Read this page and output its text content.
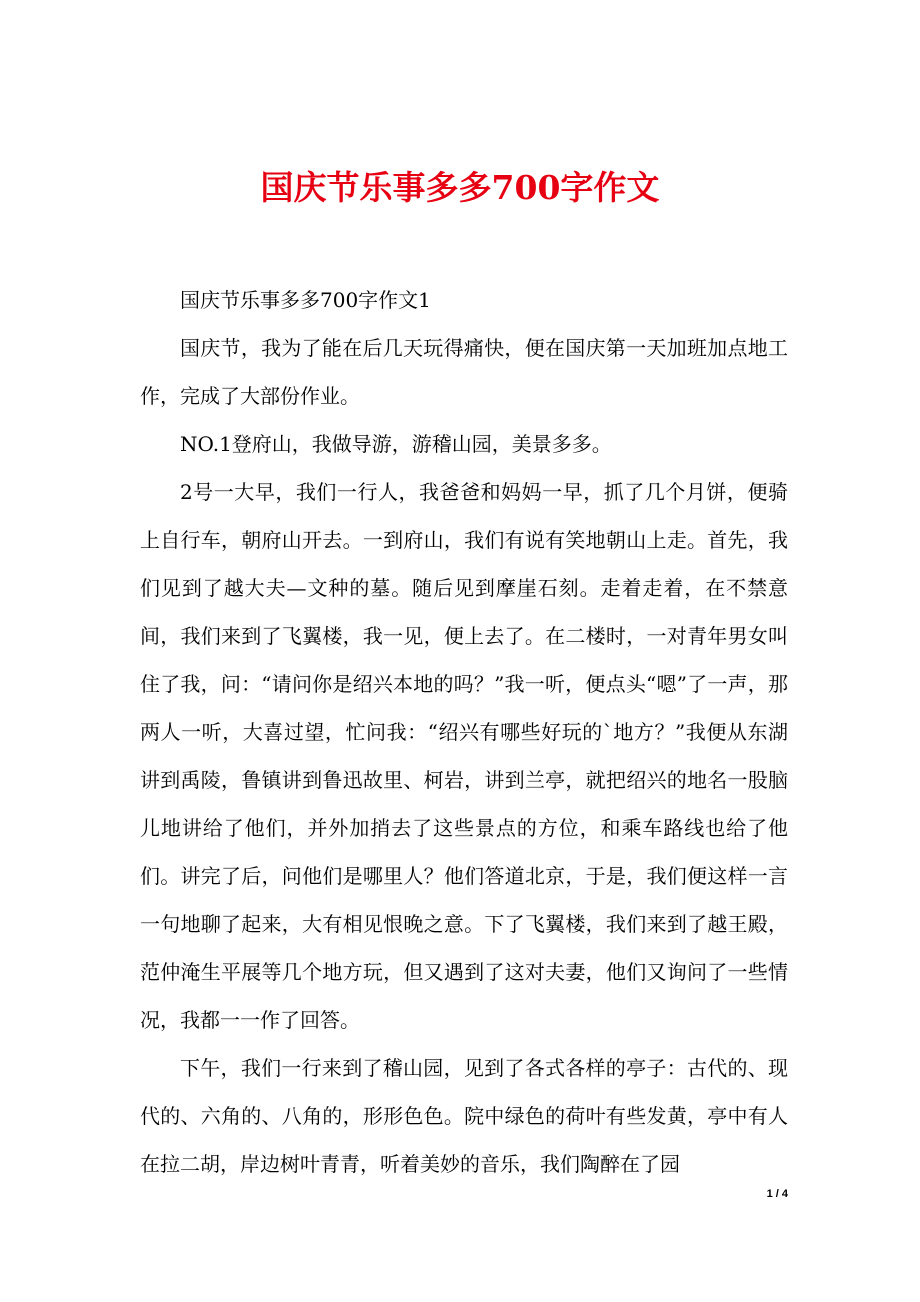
国庆节乐事多多700字作文

国庆节乐事多多700字作文1

国庆节，我为了能在后几天玩得痛快，便在国庆第一天加班加点地工作，完成了大部份作业。

NO.1登府山，我做导游，游稽山园，美景多多。

2号一大早，我们一行人，我爸爸和妈妈一早，抓了几个月饼，便骑上自行车，朝府山开去。一到府山，我们有说有笑地朝山上走。首先，我们见到了越大夫—文种的墓。随后见到摩崖石刻。走着走着，在不禁意间，我们来到了飞翼楼，我一见，便上去了。在二楼时，一对青年男女叫住了我，问：“请问你是绍兴本地的吗？”我一听，便点头“嗯”了一声，那两人一听，大喜过望，忙问我：“绍兴有哪些好玩的`地方？”我便从东湖讲到禹陵，鲁镇讲到鲁迅故里、柯岩，讲到兰亭，就把绍兴的地名一股脑儿地讲给了他们，并外加捎去了这些景点的方位，和乘车路线也给了他们。讲完了后，问他们是哪里人？他们答道北京，于是，我们便这样一言一句地聊了起来，大有相见恨晚之意。下了飞翼楼，我们来到了越王殿，范仲淹生平展等几个地方玩，但又遇到了这对夫妻，他们又询问了一些情况，我都一一作了回答。

下午，我们一行来到了稽山园，见到了各式各样的亭子：古代的、现代的、六角的、八角的，形形色色。院中绿色的荷叶有些发黄，亭中有人在拉二胡，岸边树叶青青，听着美妙的音乐，我们陶醉在了园

1 / 4
